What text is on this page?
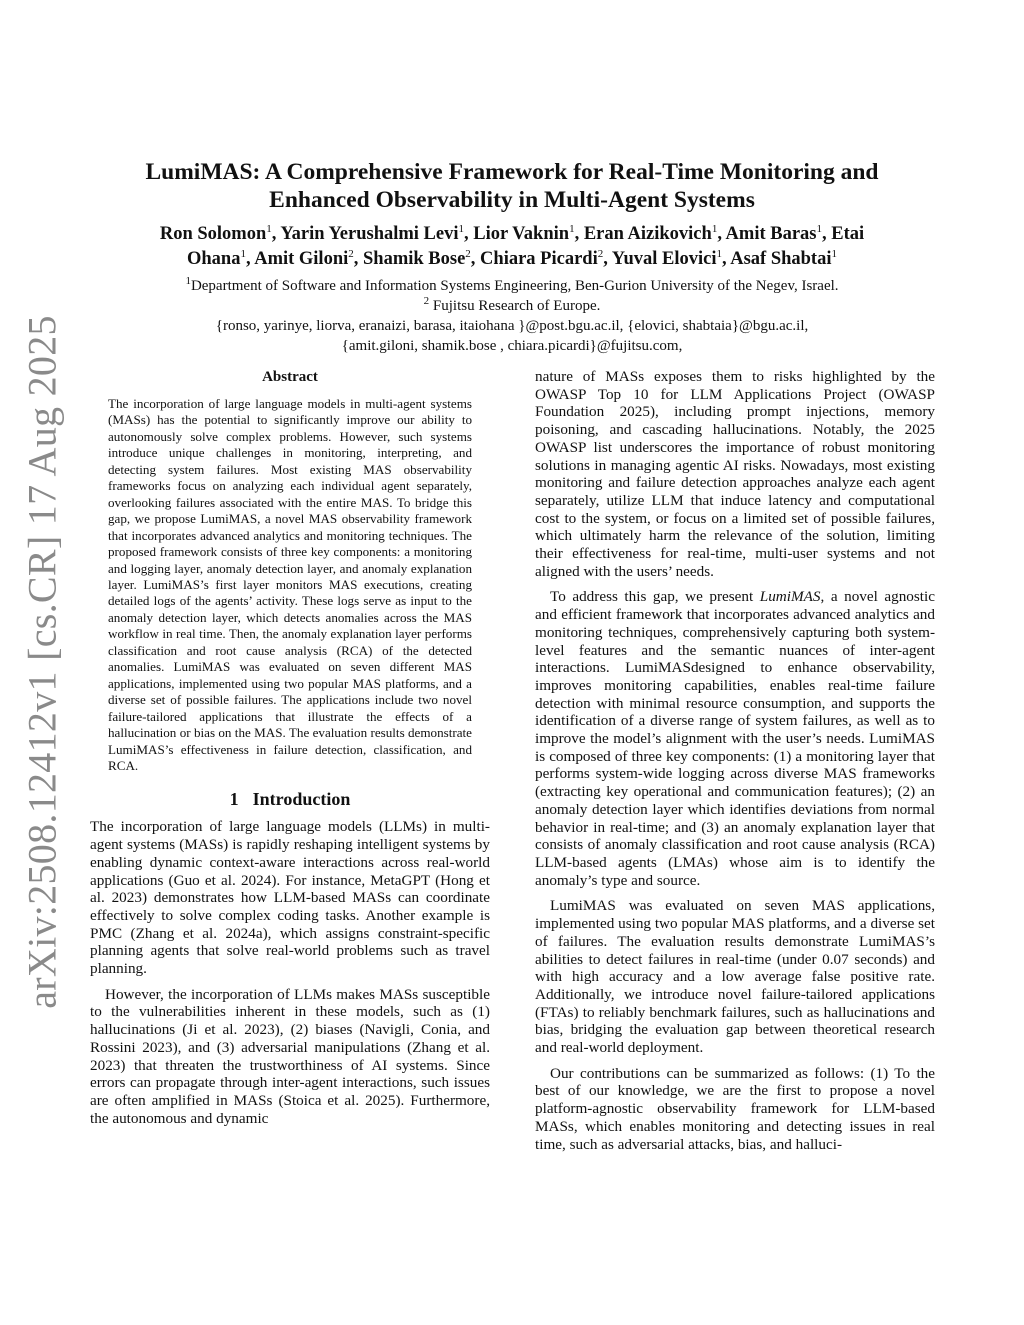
arXiv:2508.12412v1 [cs.CR] 17 Aug 2025
LumiMAS: A Comprehensive Framework for Real-Time Monitoring and
Enhanced Observability in Multi-Agent Systems
Ron Solomon$^1$, Yarin Yerushalmi Levi$^1$, Lior Vaknin$^1$, Eran Aizikovich$^1$, Amit Baras$^1$, Etai
Ohana$^1$, Amit Giloni$^2$, Shamik Bose$^2$, Chiara Picardi$^2$, Yuval Elovici$^1$, Asaf Shabtai$^1$
$^1$Department of Software and Information Systems Engineering, Ben-Gurion University of the Negev, Israel.
$^2$ Fujitsu Research of Europe.
{ronso, yarinye, liorva, eranaizi, barasa, itaiohana }@post.bgu.ac.il, {elovici, shabtaia}@bgu.ac.il,
{amit.giloni, shamik.bose , chiara.picardi}@fujitsu.com,
Abstract

The incorporation of large language models in multi-agent systems (MASs) has the potential to significantly improve our ability to autonomously solve complex problems. However, such systems introduce unique challenges in monitoring, interpreting, and detecting system failures. Most existing MAS observability frameworks focus on analyzing each individual agent separately, overlooking failures associated with the entire MAS. To bridge this gap, we propose LumiMAS, a novel MAS observability framework that incorporates advanced analytics and monitoring techniques. The proposed framework consists of three key components: a monitoring and logging layer, anomaly detection layer, and anomaly explanation layer. LumiMAS’s first layer monitors MAS executions, creating detailed logs of the agents’ activity. These logs serve as input to the anomaly detection layer, which detects anomalies across the MAS workflow in real time. Then, the anomaly explanation layer performs classification and root cause analysis (RCA) of the detected anomalies. LumiMAS was evaluated on seven different MAS applications, implemented using two popular MAS platforms, and a diverse set of possible failures. The applications include two novel failure-tailored applications that illustrate the effects of a hallucination or bias on the MAS. The evaluation results demonstrate LumiMAS’s effectiveness in failure detection, classification, and RCA.

1 Introduction

The incorporation of large language models (LLMs) in multi-agent systems (MASs) is rapidly reshaping intelligent systems by enabling dynamic context-aware interactions across real-world applications (Guo et al. 2024). For instance, MetaGPT (Hong et al. 2023) demonstrates how LLM-based MASs can coordinate effectively to solve complex coding tasks. Another example is PMC (Zhang et al. 2024a), which assigns constraint-specific planning agents that solve real-world problems such as travel planning.

However, the incorporation of LLMs makes MASs susceptible to the vulnerabilities inherent in these models, such as (1) hallucinations (Ji et al. 2023), (2) biases (Navigli, Conia, and Rossini 2023), and (3) adversarial manipulations (Zhang et al. 2023) that threaten the trustworthiness of AI systems. Since errors can propagate through inter-agent interactions, such issues are often amplified in MASs (Stoica et al. 2025). Furthermore, the autonomous and dynamic

nature of MASs exposes them to risks highlighted by the OWASP Top 10 for LLM Applications Project (OWASP Foundation 2025), including prompt injections, memory poisoning, and cascading hallucinations. Notably, the 2025 OWASP list underscores the importance of robust monitoring solutions in managing agentic AI risks. Nowadays, most existing monitoring and failure detection approaches analyze each agent separately, utilize LLM that induce latency and computational cost to the system, or focus on a limited set of possible failures, which ultimately harm the relevance of the solution, limiting their effectiveness for real-time, multi-user systems and not aligned with the users’ needs.

To address this gap, we present LumiMAS, a novel agnostic and efficient framework that incorporates advanced analytics and monitoring techniques, comprehensively capturing both system-level features and the semantic nuances of inter-agent interactions. LumiMASdesigned to enhance observability, improves monitoring capabilities, enables real-time failure detection with minimal resource consumption, and supports the identification of a diverse range of system failures, as well as to improve the model’s alignment with the user’s needs. LumiMAS is composed of three key components: (1) a monitoring layer that performs system-wide logging across diverse MAS frameworks (extracting key operational and communication features); (2) an anomaly detection layer which identifies deviations from normal behavior in real-time; and (3) an anomaly explanation layer that consists of anomaly classification and root cause analysis (RCA) LLM-based agents (LMAs) whose aim is to identify the anomaly’s type and source.

LumiMAS was evaluated on seven MAS applications, implemented using two popular MAS platforms, and a diverse set of failures. The evaluation results demonstrate LumiMAS’s abilities to detect failures in real-time (under 0.07 seconds) and with high accuracy and a low average false positive rate. Additionally, we introduce novel failure-tailored applications (FTAs) to reliably benchmark failures, such as hallucinations and bias, bridging the evaluation gap between theoretical research and real-world deployment.

Our contributions can be summarized as follows: (1) To the best of our knowledge, we are the first to propose a novel platform-agnostic observability framework for LLM-based MASs, which enables monitoring and detecting issues in real time, such as adversarial attacks, bias, and halluci-
